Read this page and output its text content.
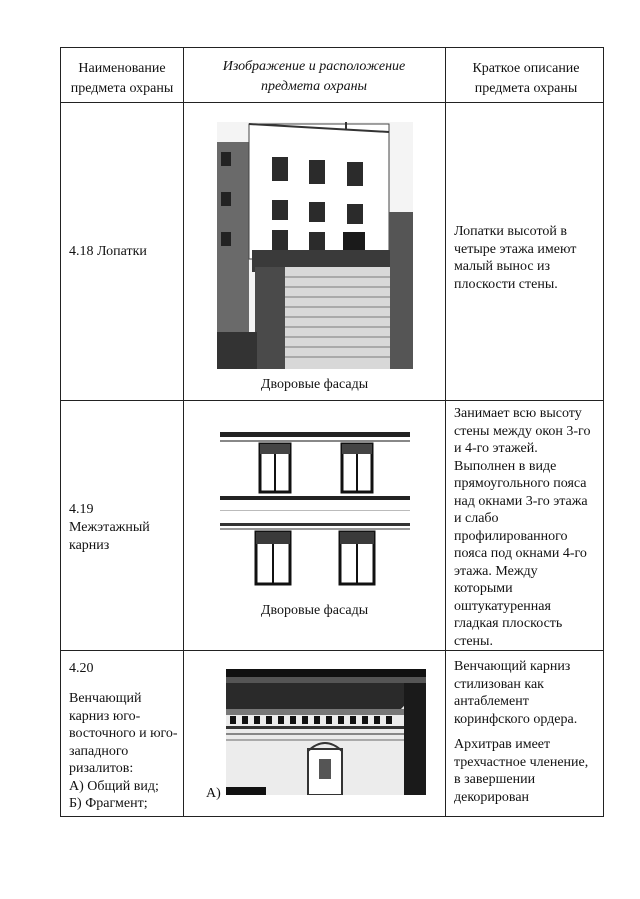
Наименование предмета охраны
Изображение и расположение предмета охраны
Краткое описание предмета охраны
4.18 Лопатки
Дворовые фасады
Лопатки высотой в четыре этажа имеют малый вынос из плоскости стены.
4.19
Межэтажный карниз
Дворовые фасады
Занимает всю высоту стены между окон 3-го и 4-го этажей. Выполнен в виде прямоугольного пояса над окнами 3-го этажа и слабо профилированного пояса под окнами 4-го этажа. Между которыми оштукатуренная гладкая плоскость стены.
4.20
Венчающий карниз юго-восточного и юго-западного ризалитов:
А) Общий вид;
Б) Фрагмент;
А)
Венчающий карниз стилизован как антаблемент коринфского ордера.
Архитрав имеет трехчастное членение, в завершении декорирован
